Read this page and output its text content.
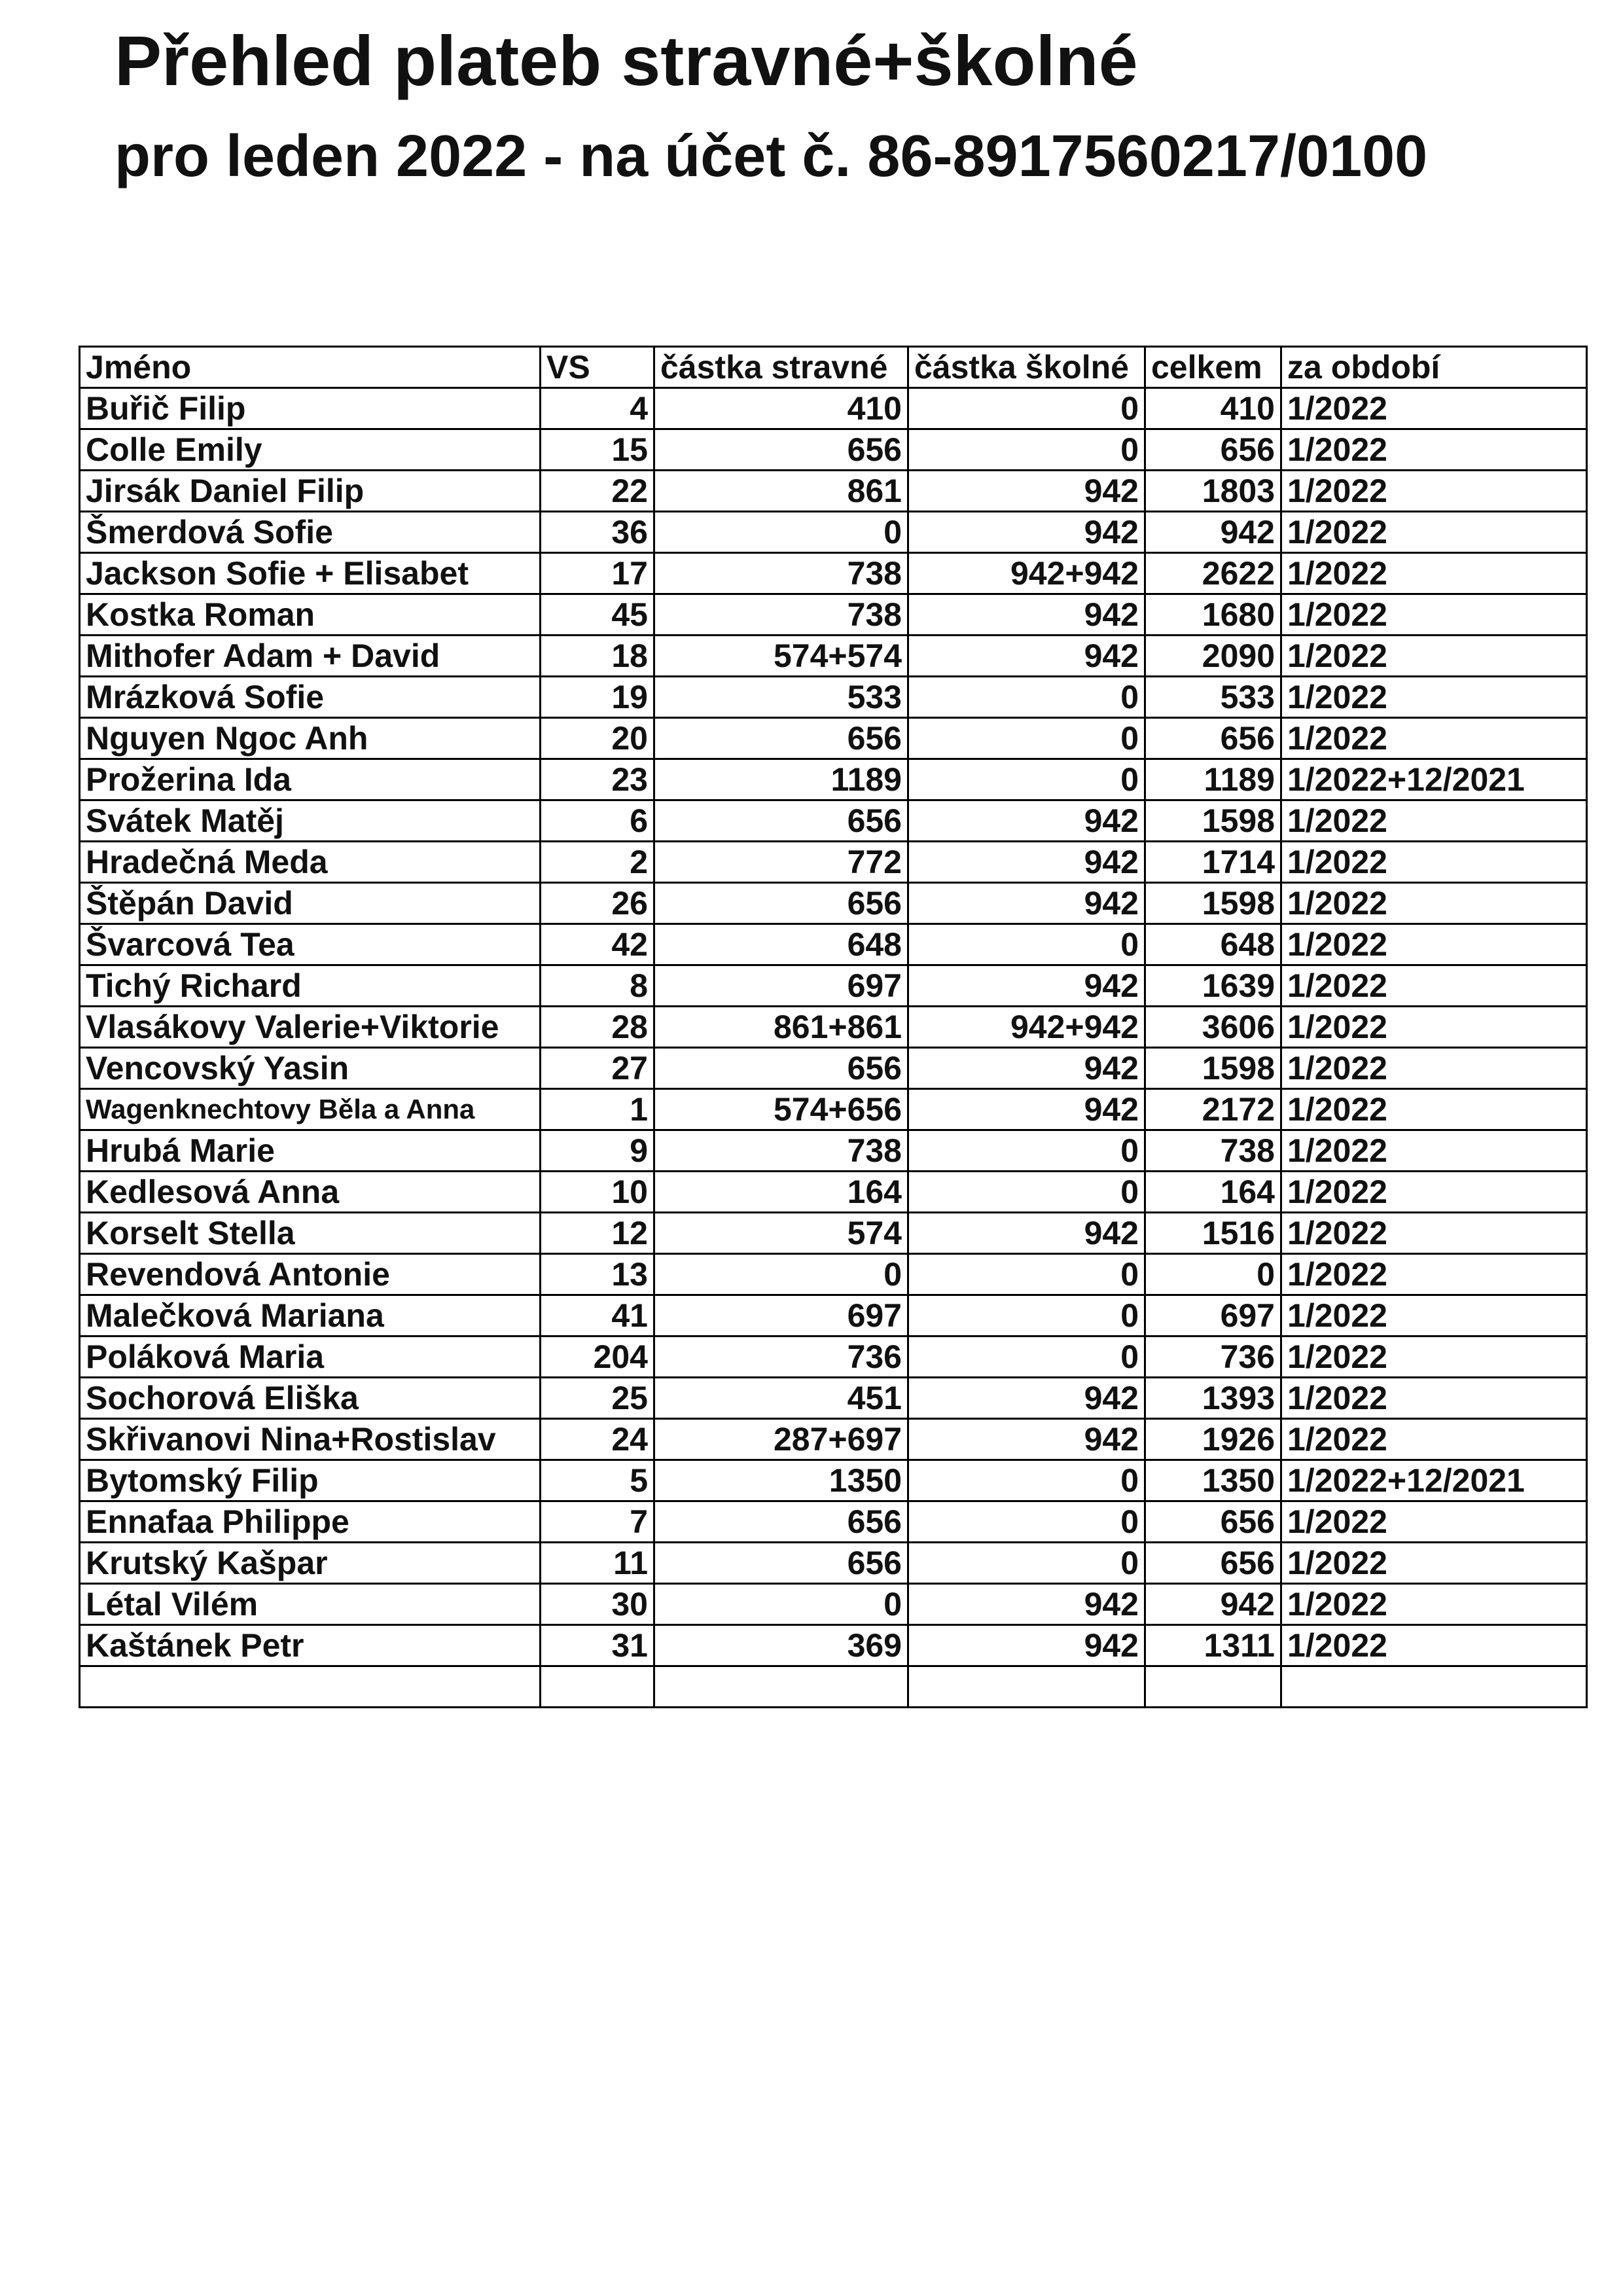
Přehled plateb stravné+školné
pro leden 2022 - na účet č. 86-8917560217/0100
Jméno	VS	částka stravné	částka školné	celkem	za období
Buřič Filip	4	410	0	410	1/2022
Colle Emily	15	656	0	656	1/2022
Jirsák Daniel Filip	22	861	942	1803	1/2022
Šmerdová Sofie	36	0	942	942	1/2022
Jackson Sofie + Elisabet	17	738	942+942	2622	1/2022
Kostka Roman	45	738	942	1680	1/2022
Mithofer Adam + David	18	574+574	942	2090	1/2022
Mrázková Sofie	19	533	0	533	1/2022
Nguyen Ngoc Anh	20	656	0	656	1/2022
Prožerina Ida	23	1189	0	1189	1/2022+12/2021
Svátek Matěj	6	656	942	1598	1/2022
Hradečná Meda	2	772	942	1714	1/2022
Štěpán David	26	656	942	1598	1/2022
Švarcová Tea	42	648	0	648	1/2022
Tichý Richard	8	697	942	1639	1/2022
Vlasákovy Valerie+Viktorie	28	861+861	942+942	3606	1/2022
Vencovský Yasin	27	656	942	1598	1/2022
Wagenknechtovy Běla a Anna	1	574+656	942	2172	1/2022
Hrubá Marie	9	738	0	738	1/2022
Kedlesová Anna	10	164	0	164	1/2022
Korselt Stella	12	574	942	1516	1/2022
Revendová Antonie	13	0	0	0	1/2022
Malečková Mariana	41	697	0	697	1/2022
Poláková Maria	204	736	0	736	1/2022
Sochorová Eliška	25	451	942	1393	1/2022
Skřivanovi Nina+Rostislav	24	287+697	942	1926	1/2022
Bytomský Filip	5	1350	0	1350	1/2022+12/2021
Ennafaa Philippe	7	656	0	656	1/2022
Krutský Kašpar	11	656	0	656	1/2022
Létal Vilém	30	0	942	942	1/2022
Kaštánek Petr	31	369	942	1311	1/2022
